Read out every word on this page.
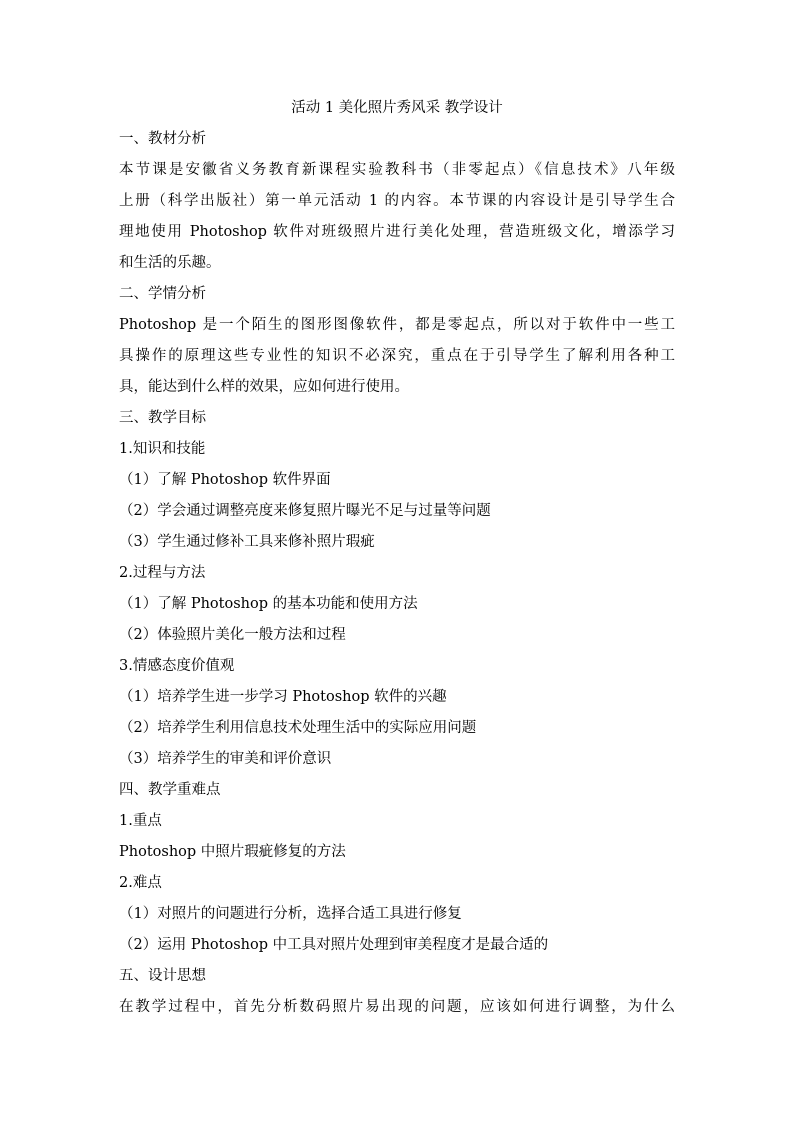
活动 1 美化照片秀风采 教学设计
一、教材分析
本节课是安徽省义务教育新课程实验教科书（非零起点）《信息技术》八年级
上册（科学出版社）第一单元活动 1 的内容。本节课的内容设计是引导学生合
理地使用 Photoshop 软件对班级照片进行美化处理，营造班级文化，增添学习
和生活的乐趣。
二、学情分析
Photoshop 是一个陌生的图形图像软件，都是零起点，所以对于软件中一些工
具操作的原理这些专业性的知识不必深究，重点在于引导学生了解利用各种工
具，能达到什么样的效果，应如何进行使用。
三、教学目标
1.知识和技能
（1）了解 Photoshop 软件界面
（2）学会通过调整亮度来修复照片曝光不足与过量等问题
（3）学生通过修补工具来修补照片瑕疵
2.过程与方法
（1）了解 Photoshop 的基本功能和使用方法
（2）体验照片美化一般方法和过程
3.情感态度价值观
（1）培养学生进一步学习 Photoshop 软件的兴趣
（2）培养学生利用信息技术处理生活中的实际应用问题
（3）培养学生的审美和评价意识
四、教学重难点
1.重点
Photoshop 中照片瑕疵修复的方法
2.难点
（1）对照片的问题进行分析，选择合适工具进行修复
（2）运用 Photoshop 中工具对照片处理到审美程度才是最合适的
五、设计思想
在教学过程中，首先分析数码照片易出现的问题，应该如何进行调整，为什么
